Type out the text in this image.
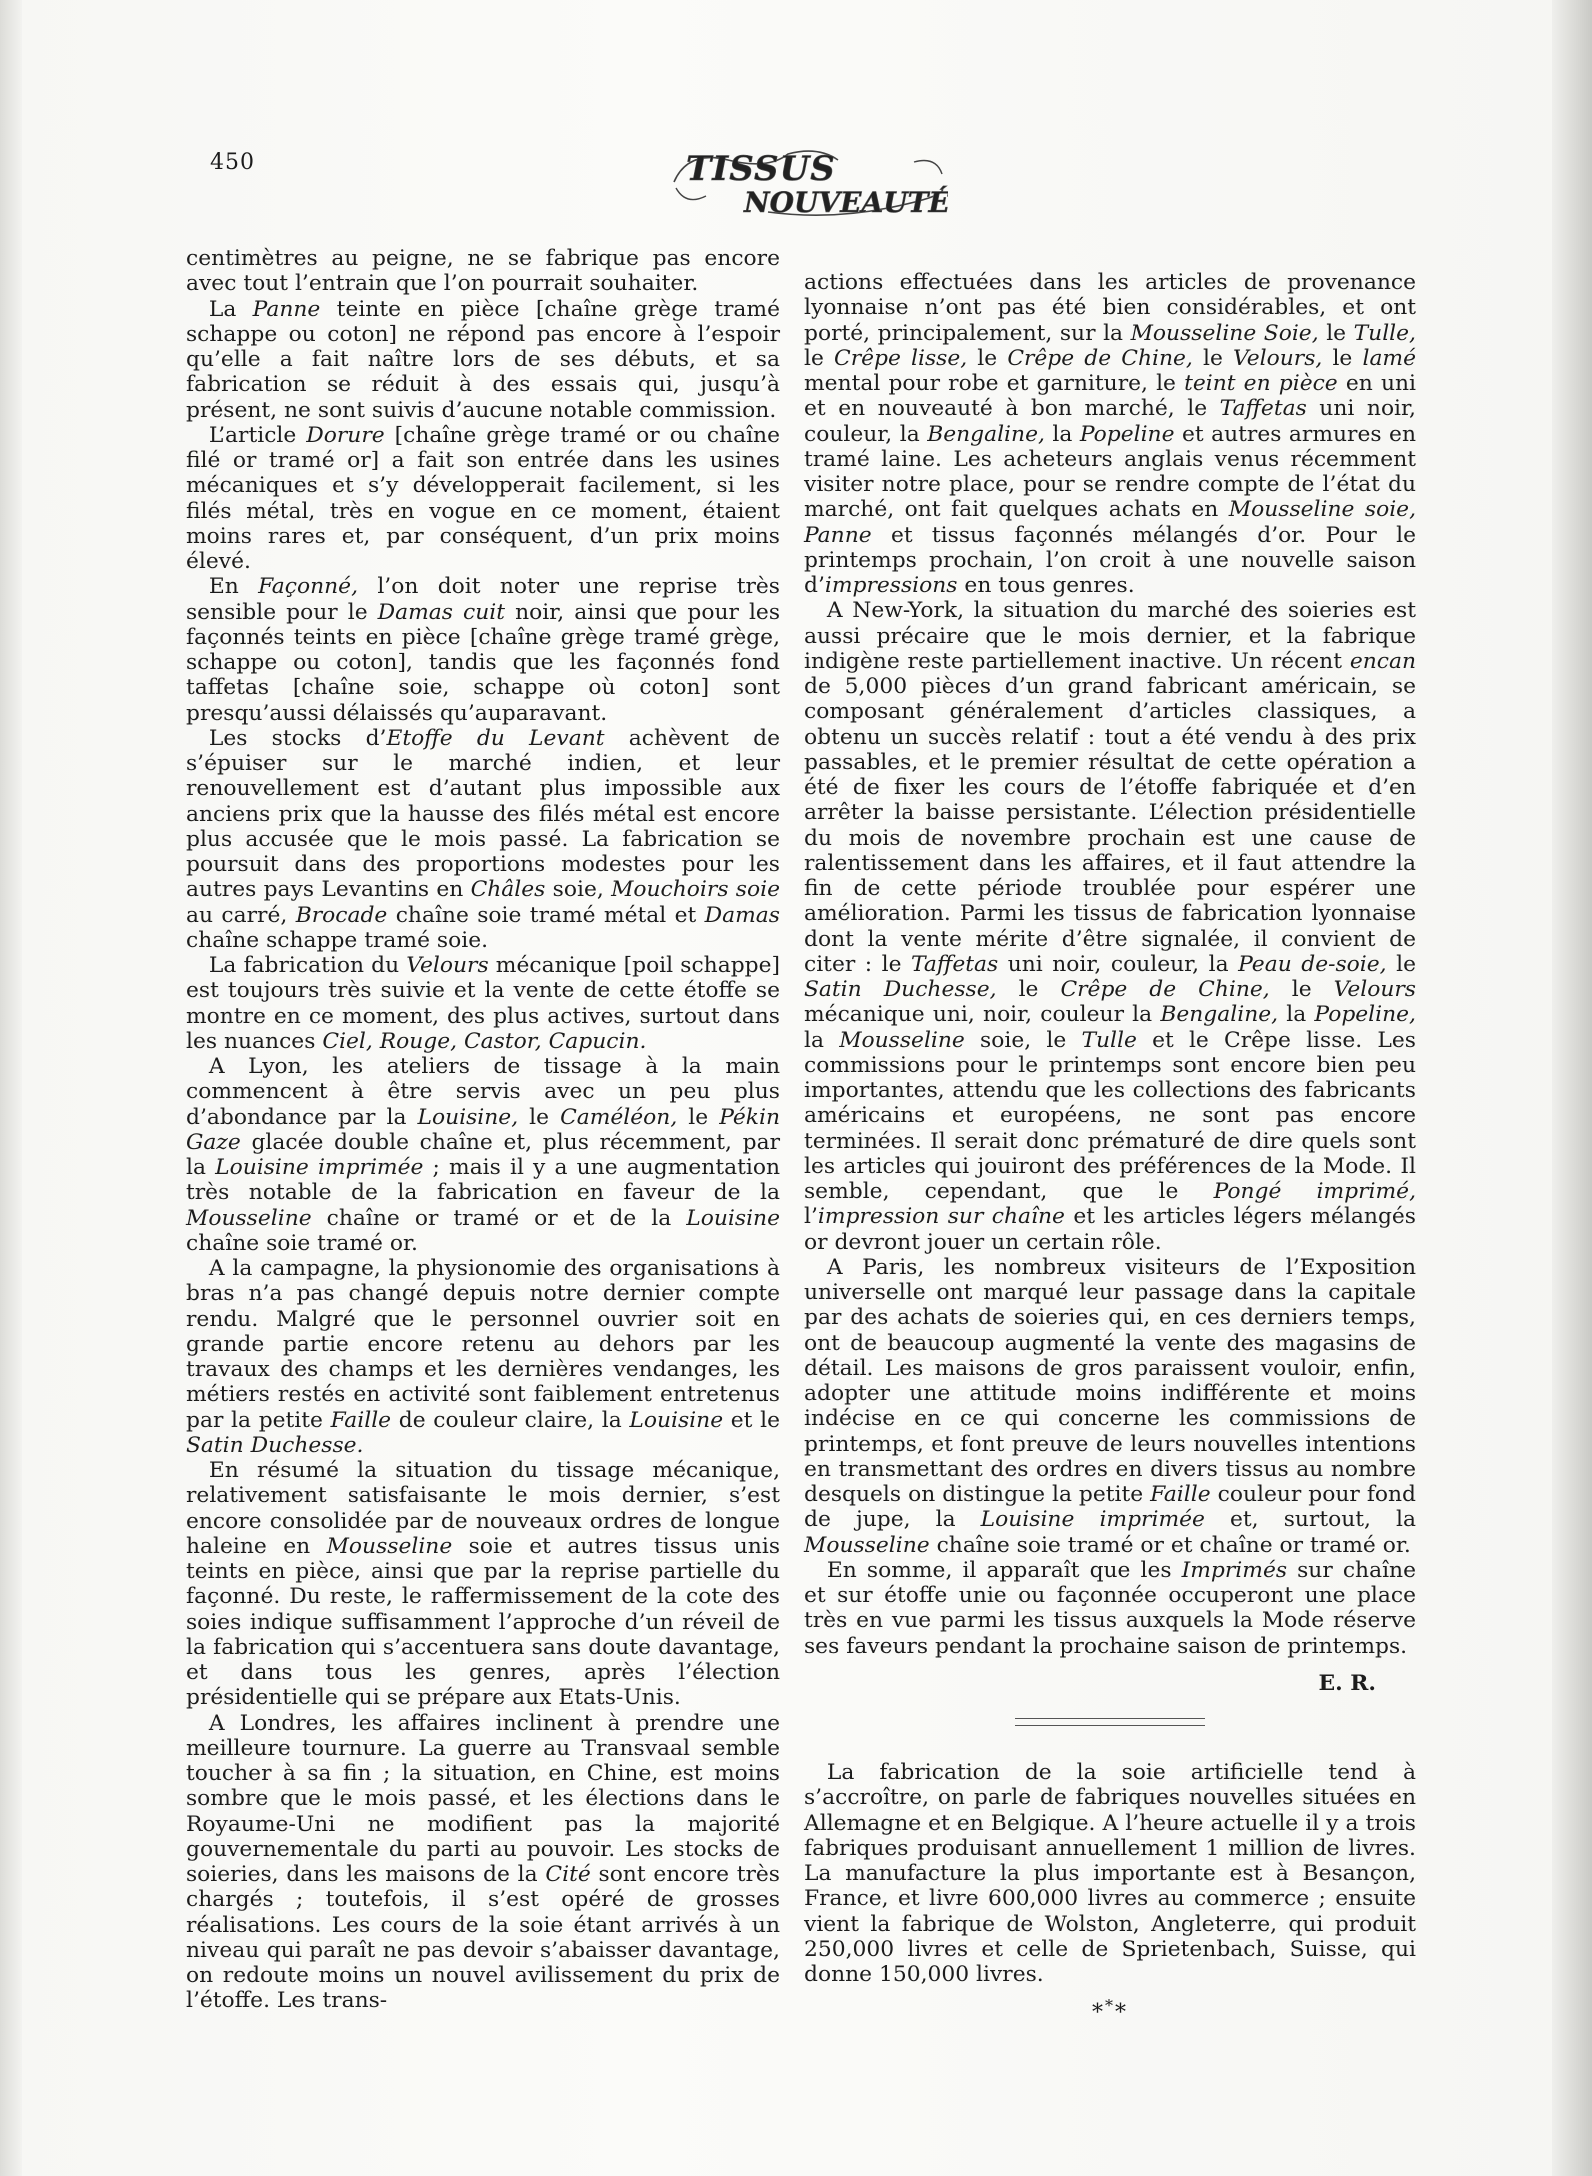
450	TISSUS
NOUVEAUTÉS

centimètres au peigne, ne se fabrique pas encore avec tout l’entrain que l’on pourrait souhaiter.

La Panne teinte en pièce [chaîne grège tramé schappe ou coton] ne répond pas encore à l’espoir qu’elle a fait naître lors de ses débuts, et sa fabrication se réduit à des essais qui, jusqu’à présent, ne sont suivis d’aucune notable commission.

L’article Dorure [chaîne grège tramé or ou chaîne filé or tramé or] a fait son entrée dans les usines mécaniques et s’y développerait facilement, si les filés métal, très en vogue en ce moment, étaient moins rares et, par conséquent, d’un prix moins élevé.

En Façonné, l’on doit noter une reprise très sensible pour le Damas cuit noir, ainsi que pour les façonnés teints en pièce [chaîne grège tramé grège, schappe ou coton], tandis que les façonnés fond taffetas [chaîne soie, schappe où coton] sont presqu’aussi délaissés qu’auparavant.

Les stocks d’Etoffe du Levant achèvent de s’épuiser sur le marché indien, et leur renouvellement est d’autant plus impossible aux anciens prix que la hausse des filés métal est encore plus accusée que le mois passé. La fabrication se poursuit dans des proportions modestes pour les autres pays Levantins en Châles soie, Mouchoirs soie au carré, Brocade chaîne soie tramé métal et Damas chaîne schappe tramé soie.

La fabrication du Velours mécanique [poil schappe] est toujours très suivie et la vente de cette étoffe se montre en ce moment, des plus actives, surtout dans les nuances Ciel, Rouge, Castor, Capucin.

A Lyon, les ateliers de tissage à la main commencent à être servis avec un peu plus d’abondance par la Louisine, le Caméléon, le Pékin Gaze glacée double chaîne et, plus récemment, par la Louisine imprimée ; mais il y a une augmentation très notable de la fabrication en faveur de la Mousseline chaîne or tramé or et de la Louisine chaîne soie tramé or.

A la campagne, la physionomie des organisations à bras n’a pas changé depuis notre dernier compte rendu. Malgré que le personnel ouvrier soit en grande partie encore retenu au dehors par les travaux des champs et les dernières vendanges, les métiers restés en activité sont faiblement entretenus par la petite Faille de couleur claire, la Louisine et le Satin Duchesse.

En résumé la situation du tissage mécanique, relativement satisfaisante le mois dernier, s’est encore consolidée par de nouveaux ordres de longue haleine en Mousseline soie et autres tissus unis teints en pièce, ainsi que par la reprise partielle du façonné. Du reste, le raffermissement de la cote des soies indique suffisamment l’approche d’un réveil de la fabrication qui s’accentuera sans doute davantage, et dans tous les genres, après l’élection présidentielle qui se prépare aux Etats-Unis.

A Londres, les affaires inclinent à prendre une meilleure tournure. La guerre au Transvaal semble toucher à sa fin ; la situation, en Chine, est moins sombre que le mois passé, et les élections dans le Royaume-Uni ne modifient pas la majorité gouvernementale du parti au pouvoir. Les stocks de soieries, dans les maisons de la Cité sont encore très chargés ; toutefois, il s’est opéré de grosses réalisations. Les cours de la soie étant arrivés à un niveau qui paraît ne pas devoir s’abaisser davantage, on redoute moins un nouvel avilissement du prix de l’étoffe. Les trans-

actions effectuées dans les articles de provenance lyonnaise n’ont pas été bien considérables, et ont porté, principalement, sur la Mousseline Soie, le Tulle, le Crêpe lisse, le Crêpe de Chine, le Velours, le lamé mental pour robe et garniture, le teint en pièce en uni et en nouveauté à bon marché, le Taffetas uni noir, couleur, la Bengaline, la Popeline et autres armures en tramé laine. Les acheteurs anglais venus récemment visiter notre place, pour se rendre compte de l’état du marché, ont fait quelques achats en Mousseline soie, Panne et tissus façonnés mélangés d’or. Pour le printemps prochain, l’on croit à une nouvelle saison d’impressions en tous genres.

A New-York, la situation du marché des soieries est aussi précaire que le mois dernier, et la fabrique indigène reste partiellement inactive. Un récent encan de 5,000 pièces d’un grand fabricant américain, se composant généralement d’articles classiques, a obtenu un succès relatif : tout a été vendu à des prix passables, et le premier résultat de cette opération a été de fixer les cours de l’étoffe fabriquée et d’en arrêter la baisse persistante. L’élection présidentielle du mois de novembre prochain est une cause de ralentissement dans les affaires, et il faut attendre la fin de cette période troublée pour espérer une amélioration. Parmi les tissus de fabrication lyonnaise dont la vente mérite d’être signalée, il convient de citer : le Taffetas uni noir, couleur, la Peau de-soie, le Satin Duchesse, le Crêpe de Chine, le Velours mécanique uni, noir, couleur la Bengaline, la Popeline, la Mousseline soie, le Tulle et le Crêpe lisse. Les commissions pour le printemps sont encore bien peu importantes, attendu que les collections des fabricants américains et européens, ne sont pas encore terminées. Il serait donc prématuré de dire quels sont les articles qui jouiront des préférences de la Mode. Il semble, cependant, que le Pongé imprimé, l’impression sur chaîne et les articles légers mélangés or devront jouer un certain rôle.

A Paris, les nombreux visiteurs de l’Exposition universelle ont marqué leur passage dans la capitale par des achats de soieries qui, en ces derniers temps, ont de beaucoup augmenté la vente des magasins de détail. Les maisons de gros paraissent vouloir, enfin, adopter une attitude moins indifférente et moins indécise en ce qui concerne les commissions de printemps, et font preuve de leurs nouvelles intentions en transmettant des ordres en divers tissus au nombre desquels on distingue la petite Faille couleur pour fond de jupe, la Louisine imprimée et, surtout, la Mousseline chaîne soie tramé or et chaîne or tramé or.

En somme, il apparaît que les Imprimés sur chaîne et sur étoffe unie ou façonnée occuperont une place très en vue parmi les tissus auxquels la Mode réserve ses faveurs pendant la prochaine saison de printemps.

E. R.

La fabrication de la soie artificielle tend à s’accroître, on parle de fabriques nouvelles situées en Allemagne et en Belgique. A l’heure actuelle il y a trois fabriques produisant annuellement 1 million de livres. La manufacture la plus importante est à Besançon, France, et livre 600,000 livres au commerce ; ensuite vient la fabrique de Wolston, Angleterre, qui produit 250,000 livres et celle de Sprietenbach, Suisse, qui donne 150,000 livres.

***
